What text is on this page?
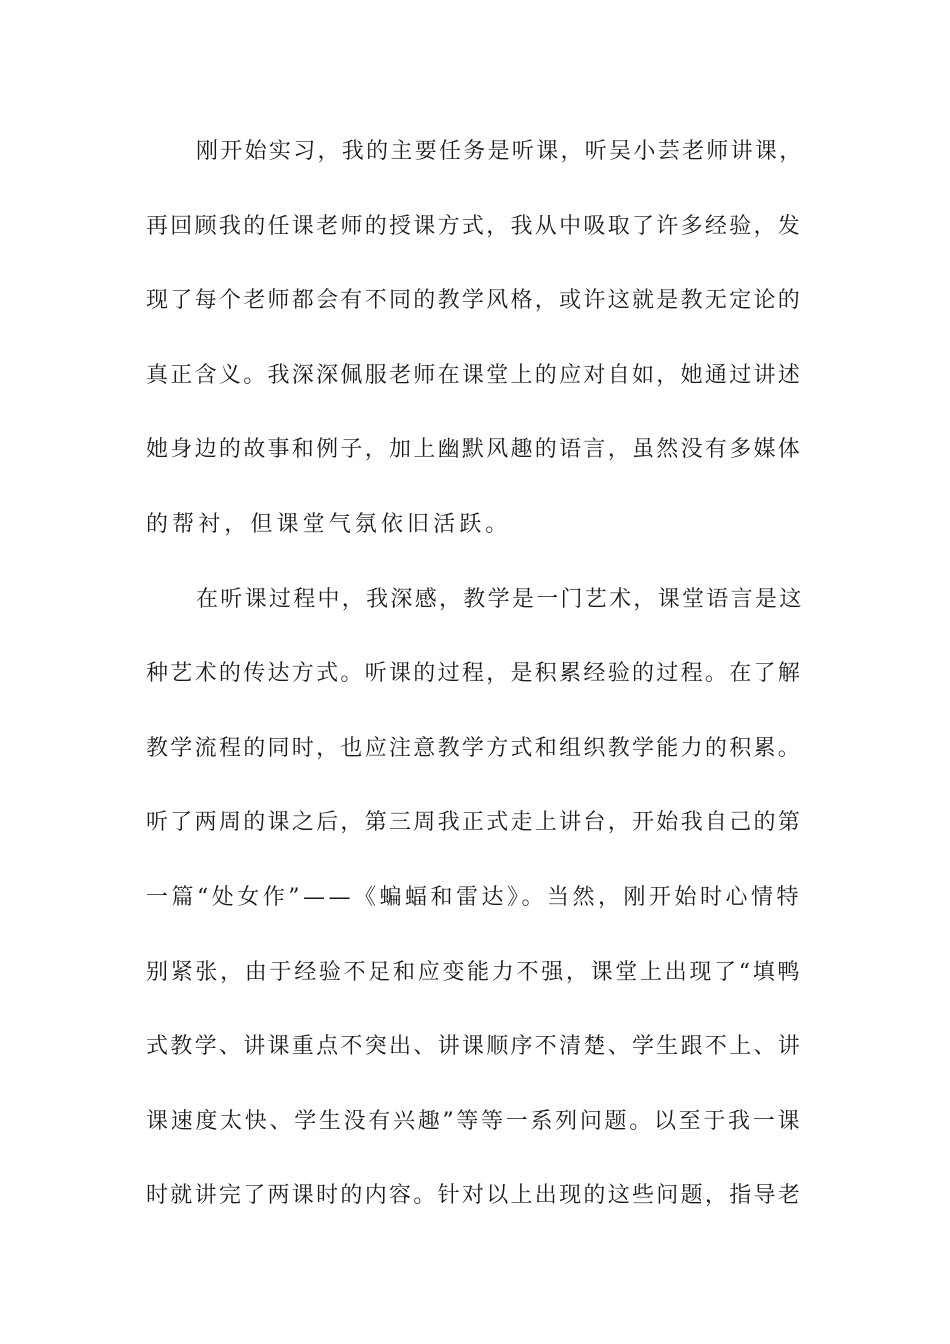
刚开始实习，我的主要任务是听课，听吴小芸老师讲课，
再回顾我的任课老师的授课方式，我从中吸取了许多经验，发
现了每个老师都会有不同的教学风格，或许这就是教无定论的
真正含义。我深深佩服老师在课堂上的应对自如，她通过讲述
她身边的故事和例子，加上幽默风趣的语言，虽然没有多媒体
的帮衬，但课堂气氛依旧活跃。
在听课过程中，我深感，教学是一门艺术，课堂语言是这
种艺术的传达方式。听课的过程，是积累经验的过程。在了解
教学流程的同时，也应注意教学方式和组织教学能力的积累。
听了两周的课之后，第三周我正式走上讲台，开始我自己的第
一篇“处女作”——《蝙蝠和雷达》。当然，刚开始时心情特
别紧张，由于经验不足和应变能力不强，课堂上出现了“填鸭
式教学、讲课重点不突出、讲课顺序不清楚、学生跟不上、讲
课速度太快、学生没有兴趣”等等一系列问题。以至于我一课
时就讲完了两课时的内容。针对以上出现的这些问题，指导老
